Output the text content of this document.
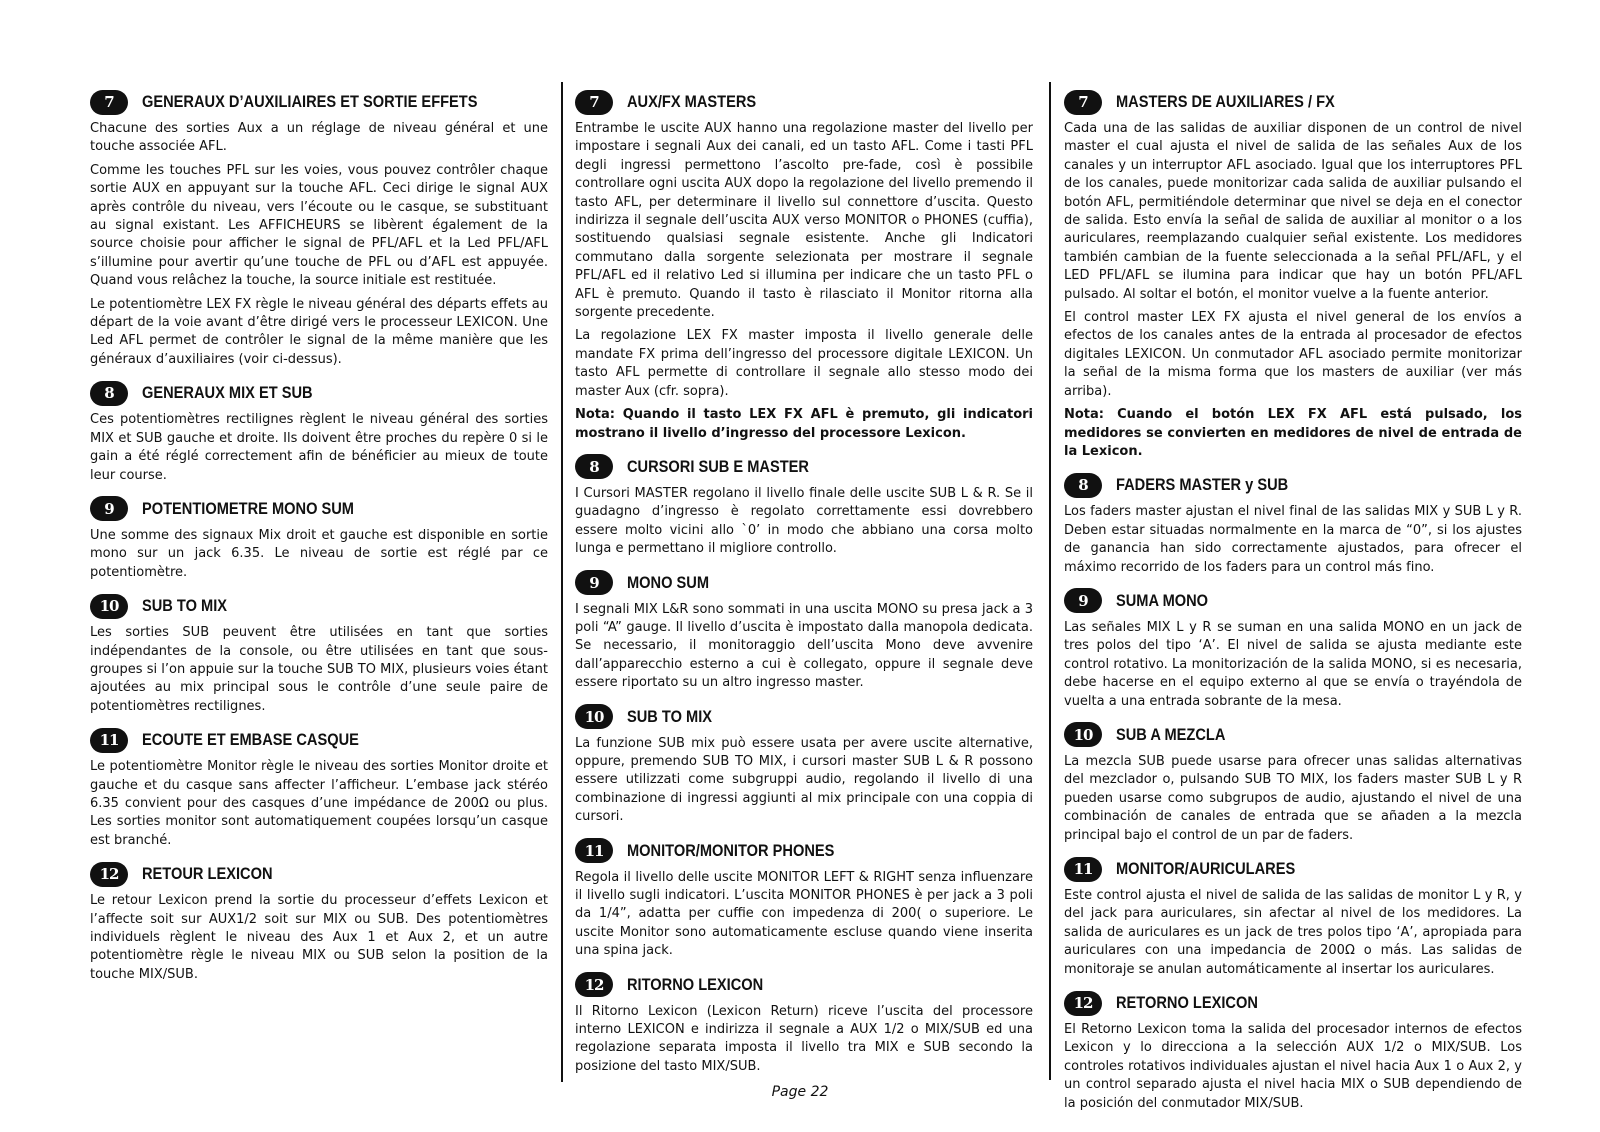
7	GENERAUX D’AUXILIAIRES ET SORTIE EFFETS

Chacune des sorties Aux a un réglage de niveau général et une touche associée AFL.

Comme les touches PFL sur les voies, vous pouvez contrôler chaque sortie AUX en appuyant sur la touche AFL. Ceci dirige le signal AUX après contrôle du niveau, vers l’écoute ou le casque, se substituant au signal existant. Les AFFICHEURS se libèrent également de la source choisie pour afficher le signal de PFL/AFL et la Led PFL/AFL s’illumine pour avertir qu’une touche de PFL ou d’AFL est appuyée. Quand vous relâchez la touche, la source initiale est restituée.

Le potentiomètre LEX FX règle le niveau général des départs effets au départ de la voie avant d’être dirigé vers le processeur LEXICON. Une Led AFL permet de contrôler le signal de la même manière que les généraux d’auxiliaires (voir ci-dessus).

8	GENERAUX MIX ET SUB

Ces potentiomètres rectilignes règlent le niveau général des sorties MIX et SUB gauche et droite. Ils doivent être proches du repère 0 si le gain a été réglé correctement afin de bénéficier au mieux de toute leur course.

9	POTENTIOMETRE MONO SUM

Une somme des signaux Mix droit et gauche est disponible en sortie mono sur un jack 6.35. Le niveau de sortie est réglé par ce potentiomètre.

10	SUB TO MIX

Les sorties SUB peuvent être utilisées en tant que sorties indépendantes de la console, ou être utilisées en tant que sous-groupes si l’on appuie sur la touche SUB TO MIX, plusieurs voies étant ajoutées au mix principal sous le contrôle d’une seule paire de potentiomètres rectilignes.

11	ECOUTE ET EMBASE CASQUE

Le potentiomètre Monitor règle le niveau des sorties Monitor droite et gauche et du casque sans affecter l’afficheur. L’embase jack stéréo 6.35 convient pour des casques d’une impédance de 200Ω ou plus. Les sorties monitor sont automatiquement coupées lorsqu’un casque est branché.

12	RETOUR LEXICON

Le retour Lexicon prend la sortie du processeur d’effets Lexicon et l’affecte soit sur AUX1/2 soit sur MIX ou SUB. Des potentiomètres individuels règlent le niveau des Aux 1 et Aux 2, et un autre potentiomètre règle le niveau MIX ou SUB selon la position de la touche MIX/SUB.

7	AUX/FX MASTERS

Entrambe le uscite AUX hanno una regolazione master del livello per impostare i segnali Aux dei canali, ed un tasto AFL. Come i tasti PFL degli ingressi permettono l’ascolto pre-fade, così è possibile controllare ogni uscita AUX dopo la regolazione del livello premendo il tasto AFL, per determinare il livello sul connettore d’uscita. Questo indirizza il segnale dell’uscita AUX verso MONITOR o PHONES (cuffia), sostituendo qualsiasi segnale esistente. Anche gli Indicatori commutano dalla sorgente selezionata per mostrare il segnale PFL/AFL ed il relativo Led si illumina per indicare che un tasto PFL o AFL è premuto. Quando il tasto è rilasciato il Monitor ritorna alla sorgente precedente.

La regolazione LEX FX master imposta il livello generale delle mandate FX prima dell’ingresso del processore digitale LEXICON. Un tasto AFL permette di controllare il segnale allo stesso modo dei master Aux (cfr. sopra).

Nota: Quando il tasto LEX FX AFL è premuto, gli indicatori mostrano il livello d’ingresso del processore Lexicon.

8	CURSORI SUB E MASTER

I Cursori MASTER regolano il livello finale delle uscite SUB L & R. Se il guadagno d’ingresso è regolato correttamente essi dovrebbero essere molto vicini allo `0’ in modo che abbiano una corsa molto lunga e permettano il migliore controllo.

9	MONO SUM

I segnali MIX L&R sono sommati in una uscita MONO su presa jack a 3 poli “A” gauge. Il livello d’uscita è impostato dalla manopola dedicata. Se necessario, il monitoraggio dell’uscita Mono deve avvenire dall’apparecchio esterno a cui è collegato, oppure il segnale deve essere riportato su un altro ingresso master.

10	SUB TO MIX

La funzione SUB mix può essere usata per avere uscite alternative, oppure, premendo SUB TO MIX, i cursori master SUB L & R possono essere utilizzati come subgruppi audio, regolando il livello di una combinazione di ingressi aggiunti al mix principale con una coppia di cursori.

11	MONITOR/MONITOR PHONES

Regola il livello delle uscite MONITOR LEFT & RIGHT senza influenzare il livello sugli indicatori. L’uscita MONITOR PHONES è per jack a 3 poli da 1/4”, adatta per cuffie con impedenza di 200( o superiore. Le uscite Monitor sono automaticamente escluse quando viene inserita una spina jack.

12	RITORNO LEXICON

Il Ritorno Lexicon (Lexicon Return) riceve l’uscita del processore interno LEXICON e indirizza il segnale a AUX 1/2 o MIX/SUB ed una regolazione separata imposta il livello tra MIX e SUB secondo la posizione del tasto MIX/SUB.

7	MASTERS DE AUXILIARES / FX

Cada una de las salidas de auxiliar disponen de un control de nivel master el cual ajusta el nivel de salida de las señales Aux de los canales y un interruptor AFL asociado. Igual que los interruptores PFL de los canales, puede monitorizar cada salida de auxiliar pulsando el botón AFL, permitiéndole determinar que nivel se deja en el conector de salida. Esto envía la señal de salida de auxiliar al monitor o a los auriculares, reemplazando cualquier señal existente. Los medidores también cambian de la fuente seleccionada a la señal PFL/AFL, y el LED PFL/AFL se ilumina para indicar que hay un botón PFL/AFL pulsado. Al soltar el botón, el monitor vuelve a la fuente anterior.

El control master LEX FX ajusta el nivel general de los envíos a efectos de los canales antes de la entrada al procesador de efectos digitales LEXICON. Un conmutador AFL asociado permite monitorizar la señal de la misma forma que los masters de auxiliar (ver más arriba).

Nota: Cuando el botón LEX FX AFL está pulsado, los medidores se convierten en medidores de nivel de entrada de la Lexicon.

8	FADERS MASTER y SUB

Los faders master ajustan el nivel final de las salidas MIX y SUB L y R. Deben estar situadas normalmente en la marca de “0”, si los ajustes de ganancia han sido correctamente ajustados, para ofrecer el máximo recorrido de los faders para un control más fino.

9	SUMA MONO

Las señales MIX L y R se suman en una salida MONO en un jack de tres polos del tipo ‘A’. El nivel de salida se ajusta mediante este control rotativo. La monitorización de la salida MONO, si es necesaria, debe hacerse en el equipo externo al que se envía o trayéndola de vuelta a una entrada sobrante de la mesa.

10	SUB A MEZCLA

La mezcla SUB puede usarse para ofrecer unas salidas alternativas del mezclador o, pulsando SUB TO MIX, los faders master SUB L y R pueden usarse como subgrupos de audio, ajustando el nivel de una combinación de canales de entrada que se añaden a la mezcla principal bajo el control de un par de faders.

11	MONITOR/AURICULARES

Este control ajusta el nivel de salida de las salidas de monitor L y R, y del jack para auriculares, sin afectar al nivel de los medidores. La salida de auriculares es un jack de tres polos tipo ‘A’, apropiada para auriculares con una impedancia de 200Ω o más. Las salidas de monitoraje se anulan automáticamente al insertar los auriculares.

12	RETORNO LEXICON

El Retorno Lexicon toma la salida del procesador internos de efectos Lexicon y lo direcciona a la selección AUX 1/2 o MIX/SUB. Los controles rotativos individuales ajustan el nivel hacia Aux 1 o Aux 2, y un control separado ajusta el nivel hacia MIX o SUB dependiendo de la posición del conmutador MIX/SUB.

Page 22
